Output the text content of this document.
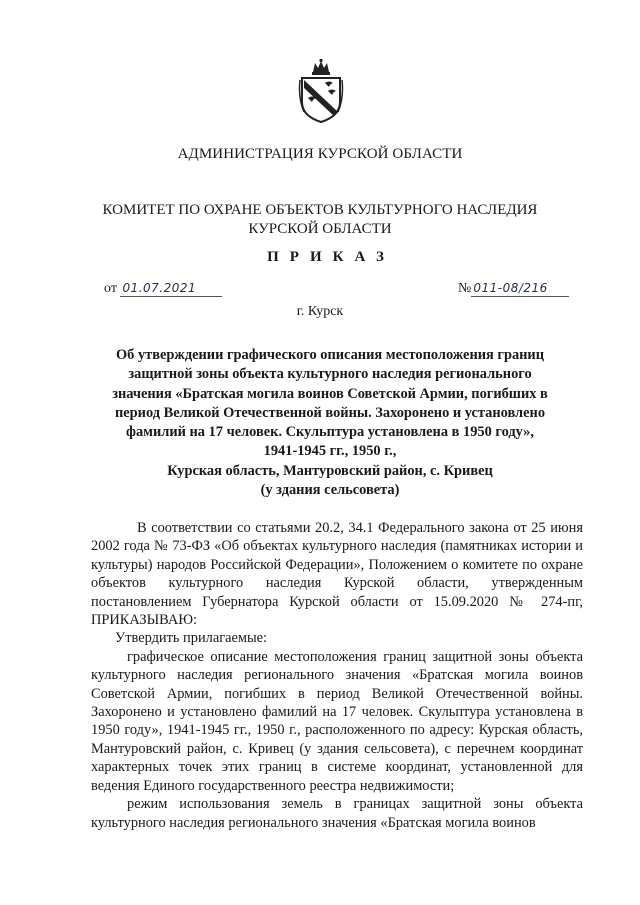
АДМИНИСТРАЦИЯ КУРСКОЙ ОБЛАСТИ
КОМИТЕТ ПО ОХРАНЕ ОБЪЕКТОВ КУЛЬТУРНОГО НАСЛЕДИЯ
КУРСКОЙ ОБЛАСТИ
ПРИКАЗ
от 01.07.2021	№ 011-08/216
г. Курск
Об утверждении графического описания местоположения границ
защитной зоны объекта культурного наследия регионального
значения «Братская могила воинов Советской Армии, погибших в
период Великой Отечественной войны. Захоронено и установлено
фамилий на 17 человек. Скульптура установлена в 1950 году»,
1941-1945 гг., 1950 г.,
Курская область, Мантуровский район, с. Кривец
(у здания сельсовета)

В соответствии со статьями 20.2, 34.1 Федерального закона от 25 июня 2002 года № 73-ФЗ «Об объектах культурного наследия (памятниках истории и культуры) народов Российской Федерации», Положением о комитете по охране объектов культурного наследия Курской области, утвержденным постановлением Губернатора Курской области от 15.09.2020 № 274-пг, ПРИКАЗЫВАЮ:

Утвердить прилагаемые:

графическое описание местоположения границ защитной зоны объекта культурного наследия регионального значения «Братская могила воинов Советской Армии, погибших в период Великой Отечественной войны. Захоронено и установлено фамилий на 17 человек. Скульптура установлена в 1950 году», 1941-1945 гг., 1950 г., расположенного по адресу: Курская область, Мантуровский район, с. Кривец (у здания сельсовета), с перечнем координат характерных точек этих границ в системе координат, установленной для ведения Единого государственного реестра недвижимости;

режим использования земель в границах защитной зоны объекта культурного наследия регионального значения «Братская могила воинов
